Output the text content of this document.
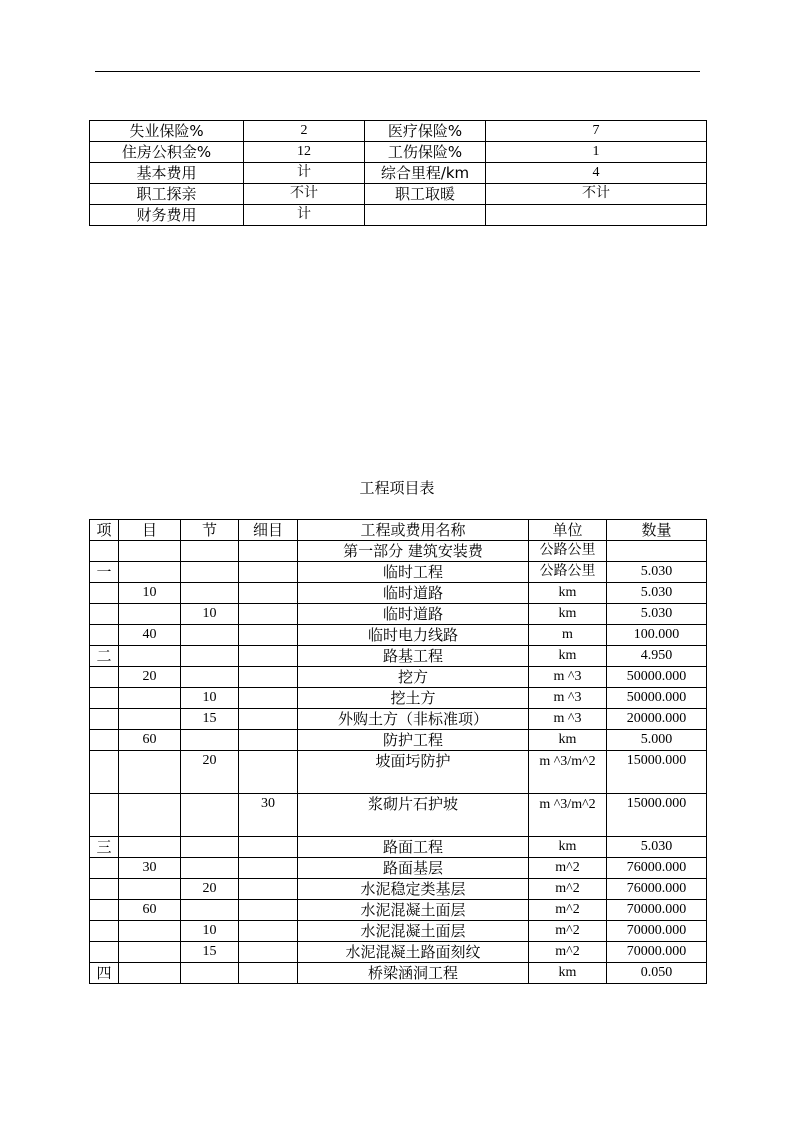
失业保险%	2	医疗保险%	7
住房公积金%	12	工伤保险%	1
基本费用	计	综合里程/km	4
职工探亲	不计	职工取暖	不计
财务费用	计		
工程项目表
项	目	节	细目	工程或费用名称	单位	数量
				第一部分 建筑安装费	公路公里	
一				临时工程	公路公里	5.030
	10			临时道路	km	5.030
		10		临时道路	km	5.030
	40			临时电力线路	m	100.000
二				路基工程	km	4.950
	20			挖方	m ^3	50000.000
		10		挖土方	m ^3	50000.000
		15		外购土方（非标准项）	m ^3	20000.000
	60			防护工程	km	5.000
		20		坡面圬防护	m ^3/m^2	15000.000
			30	浆砌片石护坡	m ^3/m^2	15000.000
三				路面工程	km	5.030
	30			路面基层	m^2	76000.000
		20		水泥稳定类基层	m^2	76000.000
	60			水泥混凝土面层	m^2	70000.000
		10		水泥混凝土面层	m^2	70000.000
		15		水泥混凝土路面刻纹	m^2	70000.000
四				桥梁涵洞工程	km	0.050
